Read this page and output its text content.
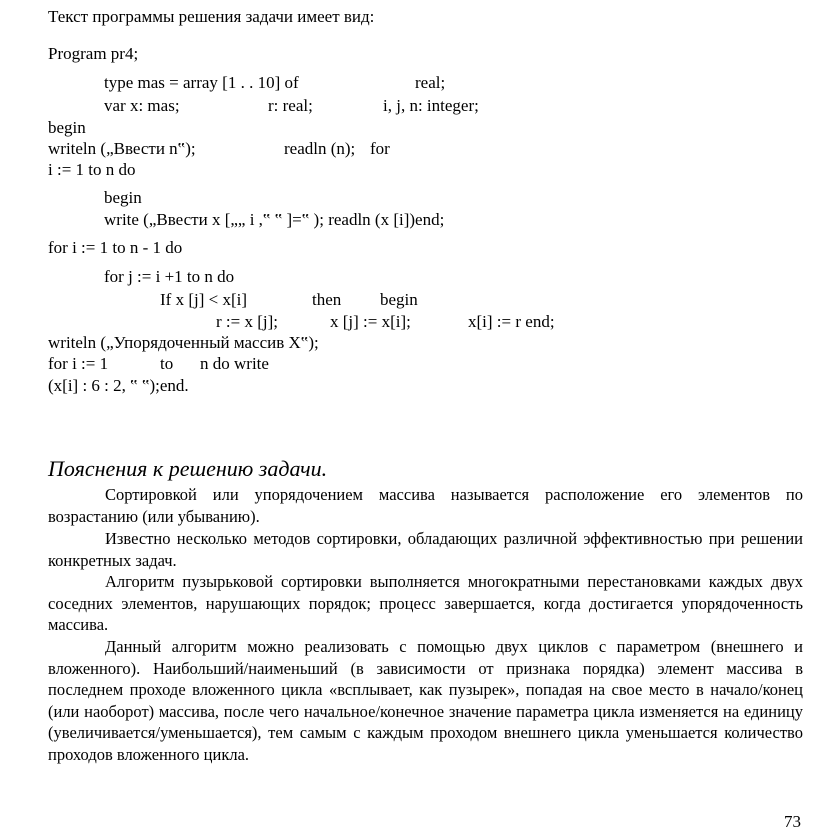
Текст программы решения задачи имеет вид:
Program pr4;
type mas = array [1 . . 10] of	real;
var x: mas;	r: real;	i, j, n: integer;
begin
writeln („Ввести n‟);	readln (n); for
i := 1 to n do
begin
write („Ввести х [„„ i ,‟ ‟ ]=‟ ); readln (x [i])end;
for i := 1 to n - 1 do
for j := i +1 to n do
If x [j] < x[i]	then begin
r := x [j];	x [j] := x[i];	x[i] := r end;
writeln („Упорядоченный массив Х‟);
for i := 1	to n do write
(x[i] : 6 : 2, ‟ ‟);end.
Пояснения к решению задачи.
Сортировкой или упорядочением массива называется расположение его элементов по возрастанию (или убыванию).
Известно несколько методов сортировки, обладающих различной эффективностью при решении конкретных задач.
Алгоритм пузырьковой сортировки выполняется многократными перестановками каждых двух соседних элементов, нарушающих порядок; процесс завершается, когда достигается упорядоченность массива.
Данный алгоритм можно реализовать с помощью двух циклов с параметром (внешнего и вложенного). Наибольший/наименьший (в зависимости от признака порядка) элемент массива в последнем проходе вложенного цикла «всплывает, как пузырек», попадая на свое место в начало/конец (или наоборот) массива, после чего начальное/конечное значение параметра цикла изменяется на единицу (увеличивается/уменьшается), тем самым с каждым проходом внешнего цикла уменьшается количество проходов вложенного цикла.
73
